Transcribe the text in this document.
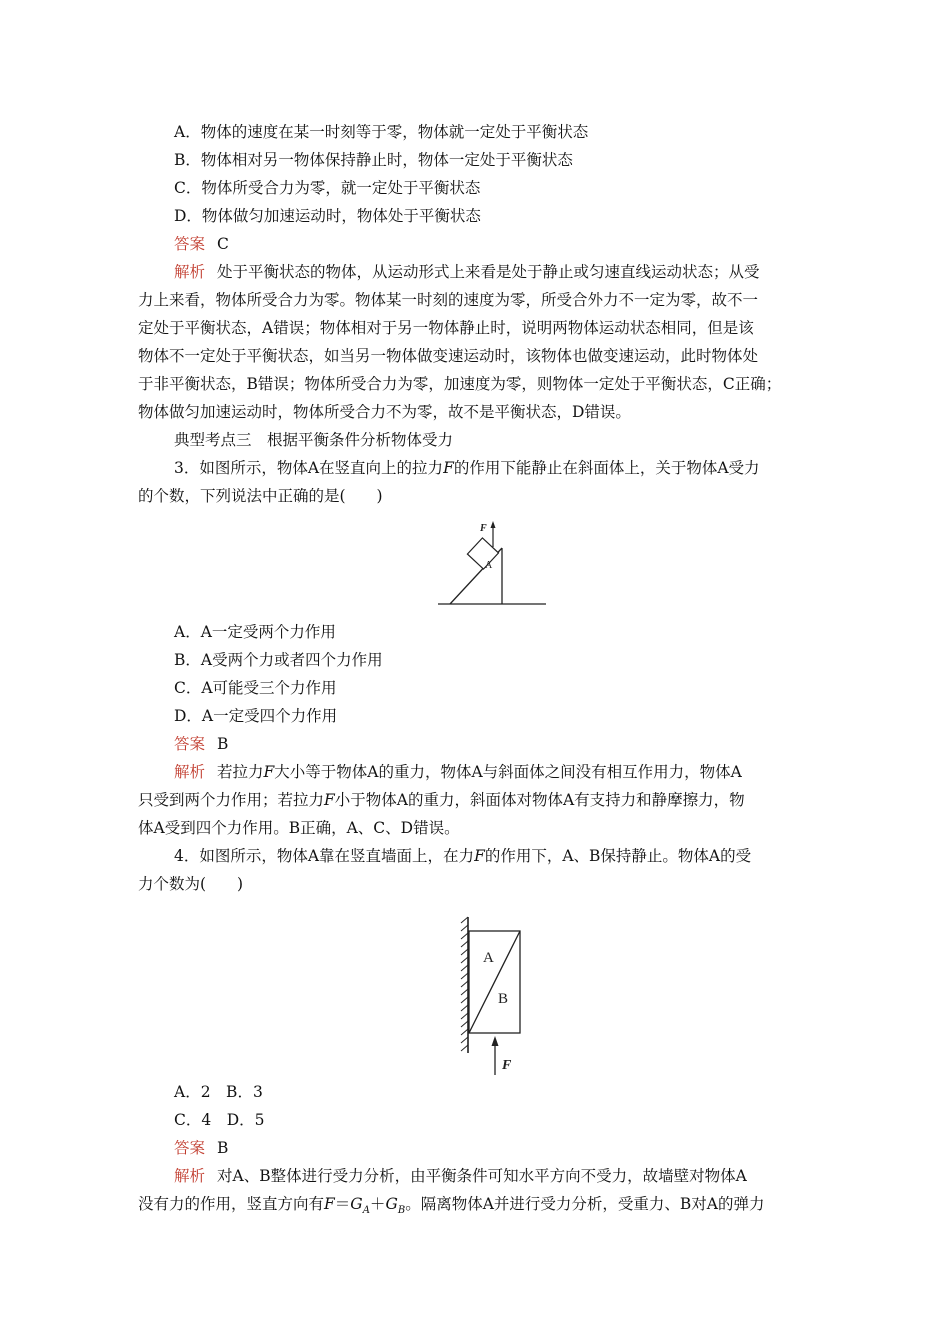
A．物体的速度在某一时刻等于零，物体就一定处于平衡状态
B．物体相对另一物体保持静止时，物体一定处于平衡状态
C．物体所受合力为零，就一定处于平衡状态
D．物体做匀加速运动时，物体处于平衡状态
答案 C
解析 处于平衡状态的物体，从运动形式上来看是处于静止或匀速直线运动状态；从受
力上来看，物体所受合力为零。物体某一时刻的速度为零，所受合外力不一定为零，故不一
定处于平衡状态，A错误；物体相对于另一物体静止时，说明两物体运动状态相同，但是该
物体不一定处于平衡状态，如当另一物体做变速运动时，该物体也做变速运动，此时物体处
于非平衡状态，B错误；物体所受合力为零，加速度为零，则物体一定处于平衡状态，C正确；
物体做匀加速运动时，物体所受合力不为零，故不是平衡状态，D错误。
典型考点三　根据平衡条件分析物体受力
3．如图所示，物体A在竖直向上的拉力F的作用下能静止在斜面体上，关于物体A受力
的个数，下列说法中正确的是(　　)
F
A
A．A一定受两个力作用
B．A受两个力或者四个力作用
C．A可能受三个力作用
D．A一定受四个力作用
答案 B
解析 若拉力F大小等于物体A的重力，物体A与斜面体之间没有相互作用力，物体A
只受到两个力作用；若拉力F小于物体A的重力，斜面体对物体A有支持力和静摩擦力，物
体A受到四个力作用。B正确，A、C、D错误。
4．如图所示，物体A靠在竖直墙面上，在力F的作用下，A、B保持静止。物体A的受
力个数为(　　)
A
B
F
A．2　B．3
C．4　D．5
答案 B
解析 对A、B整体进行受力分析，由平衡条件可知水平方向不受力，故墙壁对物体A
没有力的作用，竖直方向有$F=G_A+G_B$。隔离物体A并进行受力分析，受重力、B对A的弹力
